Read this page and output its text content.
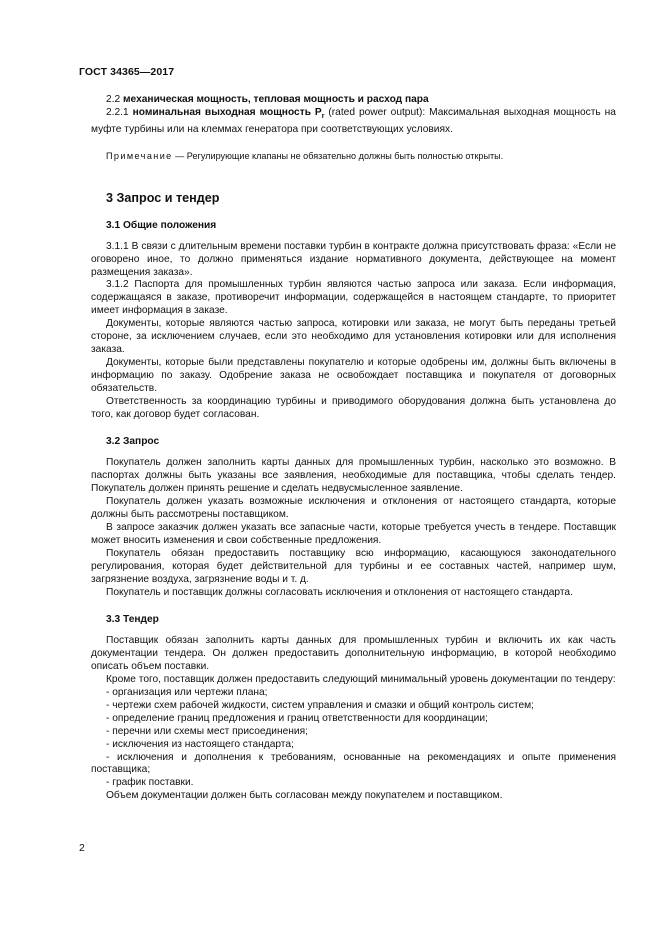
ГОСТ 34365—2017

2.2 механическая мощность, тепловая мощность и расход пара

2.2.1 номинальная выходная мощность $P_r$ (rated power output): Максимальная выходная мощность на муфте турбины или на клеммах генератора при соответствующих условиях.

Примечание — Регулирующие клапаны не обязательно должны быть полностью открыты.

3 Запрос и тендер
3.1 Общие положения

3.1.1 В связи с длительным времени поставки турбин в контракте должна присутствовать фраза: «Если не оговорено иное, то должно применяться издание нормативного документа, действующее на момент размещения заказа».

3.1.2 Паспорта для промышленных турбин являются частью запроса или заказа. Если информация, содержащаяся в заказе, противоречит информации, содержащейся в настоящем стандарте, то приоритет имеет информация в заказе.

Документы, которые являются частью запроса, котировки или заказа, не могут быть переданы третьей стороне, за исключением случаев, если это необходимо для установления котировки или для исполнения заказа.

Документы, которые были представлены покупателю и которые одобрены им, должны быть включены в информацию по заказу. Одобрение заказа не освобождает поставщика и покупателя от договорных обязательств.

Ответственность за координацию турбины и приводимого оборудования должна быть установлена до того, как договор будет согласован.

3.2 Запрос

Покупатель должен заполнить карты данных для промышленных турбин, насколько это возможно. В паспортах должны быть указаны все заявления, необходимые для поставщика, чтобы сделать тендер. Покупатель должен принять решение и сделать недвусмысленное заявление.

Покупатель должен указать возможные исключения и отклонения от настоящего стандарта, которые должны быть рассмотрены поставщиком.

В запросе заказчик должен указать все запасные части, которые требуется учесть в тендере. Поставщик может вносить изменения и свои собственные предложения.

Покупатель обязан предоставить поставщику всю информацию, касающуюся законодательного регулирования, которая будет действительной для турбины и ее составных частей, например шум, загрязнение воздуха, загрязнение воды и т. д.

Покупатель и поставщик должны согласовать исключения и отклонения от настоящего стандарта.

3.3 Тендер

Поставщик обязан заполнить карты данных для промышленных турбин и включить их как часть документации тендера. Он должен предоставить дополнительную информацию, в которой необходимо описать объем поставки.

Кроме того, поставщик должен предоставить следующий минимальный уровень документации по тендеру:

- организация или чертежи плана;

- чертежи схем рабочей жидкости, систем управления и смазки и общий контроль систем;

- определение границ предложения и границ ответственности для координации;

- перечни или схемы мест присоединения;

- исключения из настоящего стандарта;

- исключения и дополнения к требованиям, основанные на рекомендациях и опыте применения поставщика;

- график поставки.

Объем документации должен быть согласован между покупателем и поставщиком.

2
